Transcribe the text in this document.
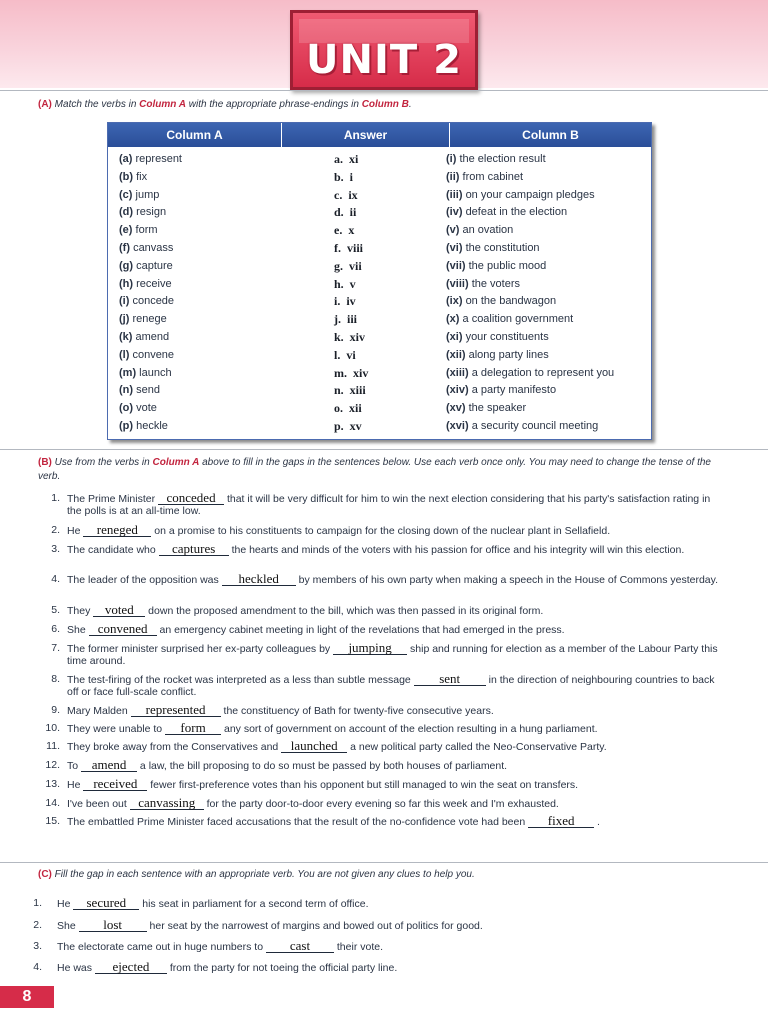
UNIT 2
(A) Match the verbs in Column A with the appropriate phrase-endings in Column B.
Column A	Answer	Column B
(a) represent
(b) fix
(c) jump
(d) resign
(e) form
(f) canvass
(g) capture
(h) receive
(i) concede
(j) renege
(k) amend
(l) convene
(m) launch
(n) send
(o) vote
(p) heckle
a.  xi
b.  i
c.  ix
d.  ii
e.  x
f.  viii
g.  vii
h.  v
i.  iv
j.  iii
k.  xiv
l.  vi
m.  xiv
n.  xiii
o.  xii
p.  xv
(i) the election result
(ii) from cabinet
(iii) on your campaign pledges
(iv) defeat in the election
(v) an ovation
(vi) the constitution
(vii) the public mood
(viii) the voters
(ix) on the bandwagon
(x) a coalition government
(xi) your constituents
(xii) along party lines
(xiii) a delegation to represent you
(xiv) a party manifesto
(xv) the speaker
(xvi) a security council meeting
(B) Use from the verbs in Column A above to fill in the gaps in the sentences below. Use each verb once only. You may need to change the tense of the verb.
1. The Prime Minister conceded that it will be very difficult for him to win the next election considering that his party's satisfaction rating in the polls is at an all-time low.
2. He reneged on a promise to his constituents to campaign for the closing down of the nuclear plant in Sellafield.
3. The candidate who captures the hearts and minds of the voters with his passion for office and his integrity will win this election.
4. The leader of the opposition was heckled by members of his own party when making a speech in the House of Commons yesterday.
5. They voted down the proposed amendment to the bill, which was then passed in its original form.
6. She convened an emergency cabinet meeting in light of the revelations that had emerged in the press.
7. The former minister surprised her ex-party colleagues by jumping ship and running for election as a member of the Labour Party this time around.
8. The test-firing of the rocket was interpreted as a less than subtle message sent in the direction of neighbouring countries to back off or face full-scale conflict.
9. Mary Malden represented the constituency of Bath for twenty-five consecutive years.
10. They were unable to form any sort of government on account of the election resulting in a hung parliament.
11. They broke away from the Conservatives and launched a new political party called the Neo-Conservative Party.
12. To amend a law, the bill proposing to do so must be passed by both houses of parliament.
13. He received fewer first-preference votes than his opponent but still managed to win the seat on transfers.
14. I've been out canvassing for the party door-to-door every evening so far this week and I'm exhausted.
15. The embattled Prime Minister faced accusations that the result of the no-confidence vote had been fixed .
(C) Fill the gap in each sentence with an appropriate verb. You are not given any clues to help you.
1. He secured his seat in parliament for a second term of office.
2. She lost her seat by the narrowest of margins and bowed out of politics for good.
3. The electorate came out in huge numbers to cast their vote.
4. He was ejected from the party for not toeing the official party line.
8
